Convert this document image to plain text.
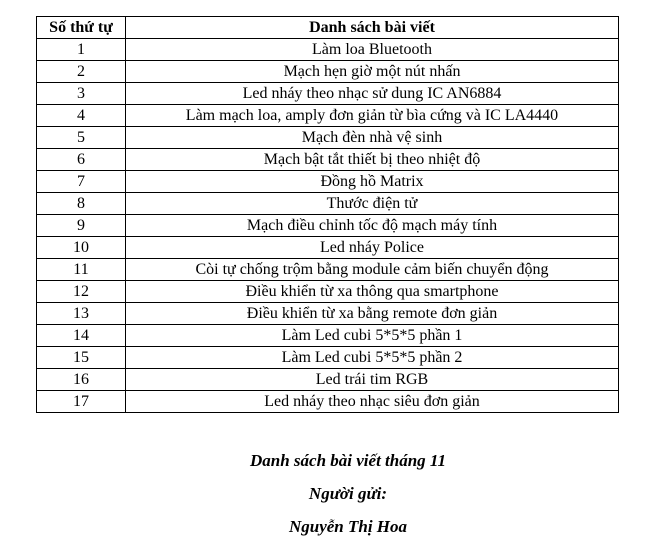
Số thứ tự	Danh sách bài viết
1	Làm loa Bluetooth
2	Mạch hẹn giờ một nút nhấn
3	Led nháy theo nhạc sử dung IC AN6884
4	Làm mạch loa, amply đơn giản từ bìa cứng và IC LA4440
5	Mạch đèn nhà vệ sinh
6	Mạch bật tắt thiết bị theo nhiệt độ
7	Đồng hồ Matrix
8	Thước điện tử
9	Mạch điều chỉnh tốc độ mạch máy tính
10	Led nháy Police
11	Còi tự chống trộm bằng module cảm biến chuyển động
12	Điều khiển từ xa thông qua smartphone
13	Điều khiển từ xa bằng remote đơn giản
14	Làm Led cubi 5*5*5 phần 1
15	Làm Led cubi 5*5*5 phần 2
16	Led trái tim RGB
17	Led nháy theo nhạc siêu đơn giản
Danh sách bài viết tháng 11
Người gửi:
Nguyễn Thị Hoa
